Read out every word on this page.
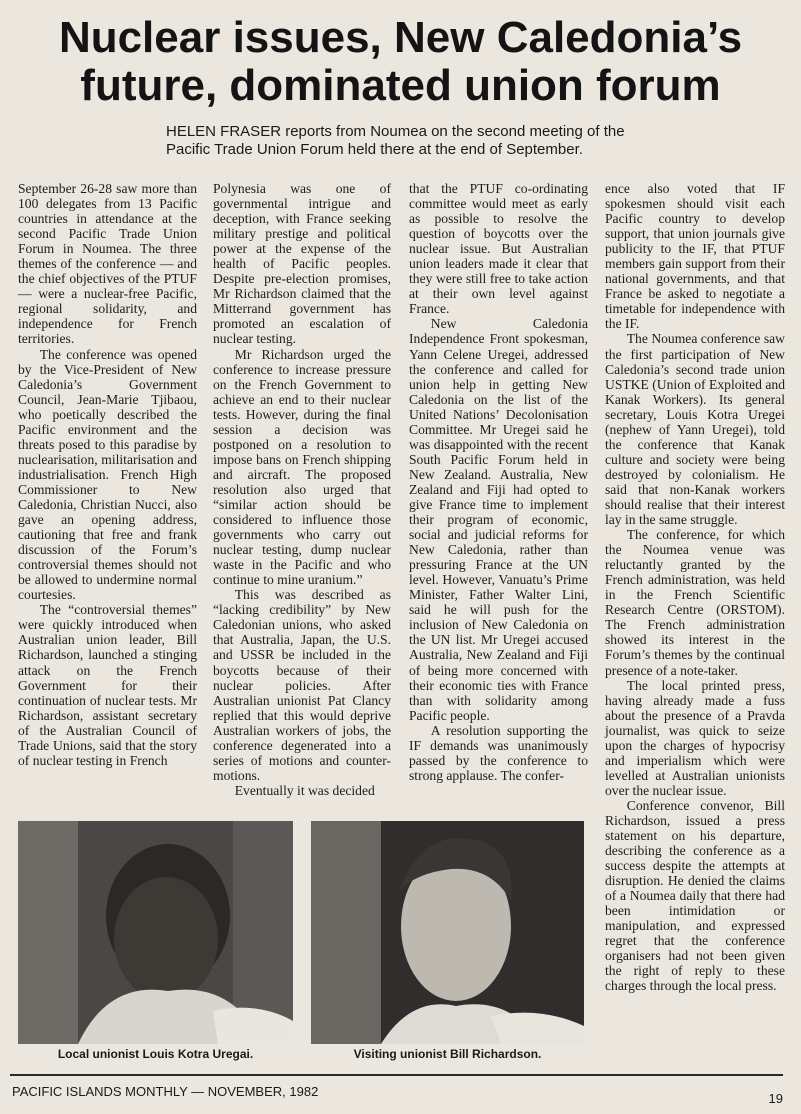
Nuclear issues, New Caledonia’s
future, dominated union forum
HELEN FRASER reports from Noumea on the second meeting of the
Pacific Trade Union Forum held there at the end of September.

September 26-28 saw more than 100 delegates from 13 Pacific countries in attendance at the second Pacific Trade Union Forum in Noumea. The three themes of the conference — and the chief objectives of the PTUF — were a nuclear-free Pacific, regional solidarity, and independence for French territories.

The conference was opened by the Vice-President of New Caledonia’s Government Council, Jean-Marie Tjibaou, who poetically described the Pacific environment and the threats posed to this paradise by nuclearisation, militarisation and industrialisation. French High Commissioner to New Caledonia, Christian Nucci, also gave an opening address, cautioning that free and frank discussion of the Forum’s controversial themes should not be allowed to undermine normal courtesies.

The “controversial themes” were quickly introduced when Australian union leader, Bill Richardson, launched a stinging attack on the French Government for their continuation of nuclear tests. Mr Richardson, assistant secretary of the Australian Council of Trade Unions, said that the story of nuclear testing in French

Polynesia was one of governmental intrigue and deception, with France seeking military prestige and political power at the expense of the health of Pacific peoples. Despite pre-election promises, Mr Richardson claimed that the Mitterrand government has promoted an escalation of nuclear testing.

Mr Richardson urged the conference to increase pressure on the French Government to achieve an end to their nuclear tests. However, during the final session a decision was postponed on a resolution to impose bans on French shipping and aircraft. The proposed resolution also urged that “similar action should be considered to influence those governments who carry out nuclear testing, dump nuclear waste in the Pacific and who continue to mine uranium.”

This was described as “lacking credibility” by New Caledonian unions, who asked that Australia, Japan, the U.S. and USSR be included in the boycotts because of their nuclear policies. After Australian unionist Pat Clancy replied that this would deprive Australian workers of jobs, the conference degenerated into a series of motions and counter-motions.

Eventually it was decided

that the PTUF co-ordinating committee would meet as early as possible to resolve the question of boycotts over the nuclear issue. But Australian union leaders made it clear that they were still free to take action at their own level against France.

New Caledonia Independence Front spokesman, Yann Celene Uregei, addressed the conference and called for union help in getting New Caledonia on the list of the United Nations’ Decolonisation Committee. Mr Uregei said he was disappointed with the recent South Pacific Forum held in New Zealand. Australia, New Zealand and Fiji had opted to give France time to implement their program of economic, social and judicial reforms for New Caledonia, rather than pressuring France at the UN level. However, Vanuatu’s Prime Minister, Father Walter Lini, said he will push for the inclusion of New Caledonia on the UN list. Mr Uregei accused Australia, New Zealand and Fiji of being more concerned with their economic ties with France than with solidarity among Pacific people.

A resolution supporting the IF demands was unanimously passed by the conference to strong applause. The confer-

ence also voted that IF spokesmen should visit each Pacific country to develop support, that union journals give publicity to the IF, that PTUF members gain support from their national governments, and that France be asked to negotiate a timetable for independence with the IF.

The Noumea conference saw the first participation of New Caledonia’s second trade union USTKE (Union of Exploited and Kanak Workers). Its general secretary, Louis Kotra Uregei (nephew of Yann Uregei), told the conference that Kanak culture and society were being destroyed by colonialism. He said that non-Kanak workers should realise that their interest lay in the same struggle.

The conference, for which the Noumea venue was reluctantly granted by the French administration, was held in the French Scientific Research Centre (ORSTOM). The French administration showed its interest in the Forum’s themes by the continual presence of a note-taker.

The local printed press, having already made a fuss about the presence of a Pravda journalist, was quick to seize upon the charges of hypocrisy and imperialism which were levelled at Australian unionists over the nuclear issue.

Conference convenor, Bill Richardson, issued a press statement on his departure, describing the conference as a success despite the attempts at disruption. He denied the claims of a Noumea daily that there had been intimidation or manipulation, and expressed regret that the conference organisers had not been given the right of reply to these charges through the local press.

Local unionist Louis Kotra Uregai.	Visiting unionist Bill Richardson.
PACIFIC ISLANDS MONTHLY — NOVEMBER, 1982	19
